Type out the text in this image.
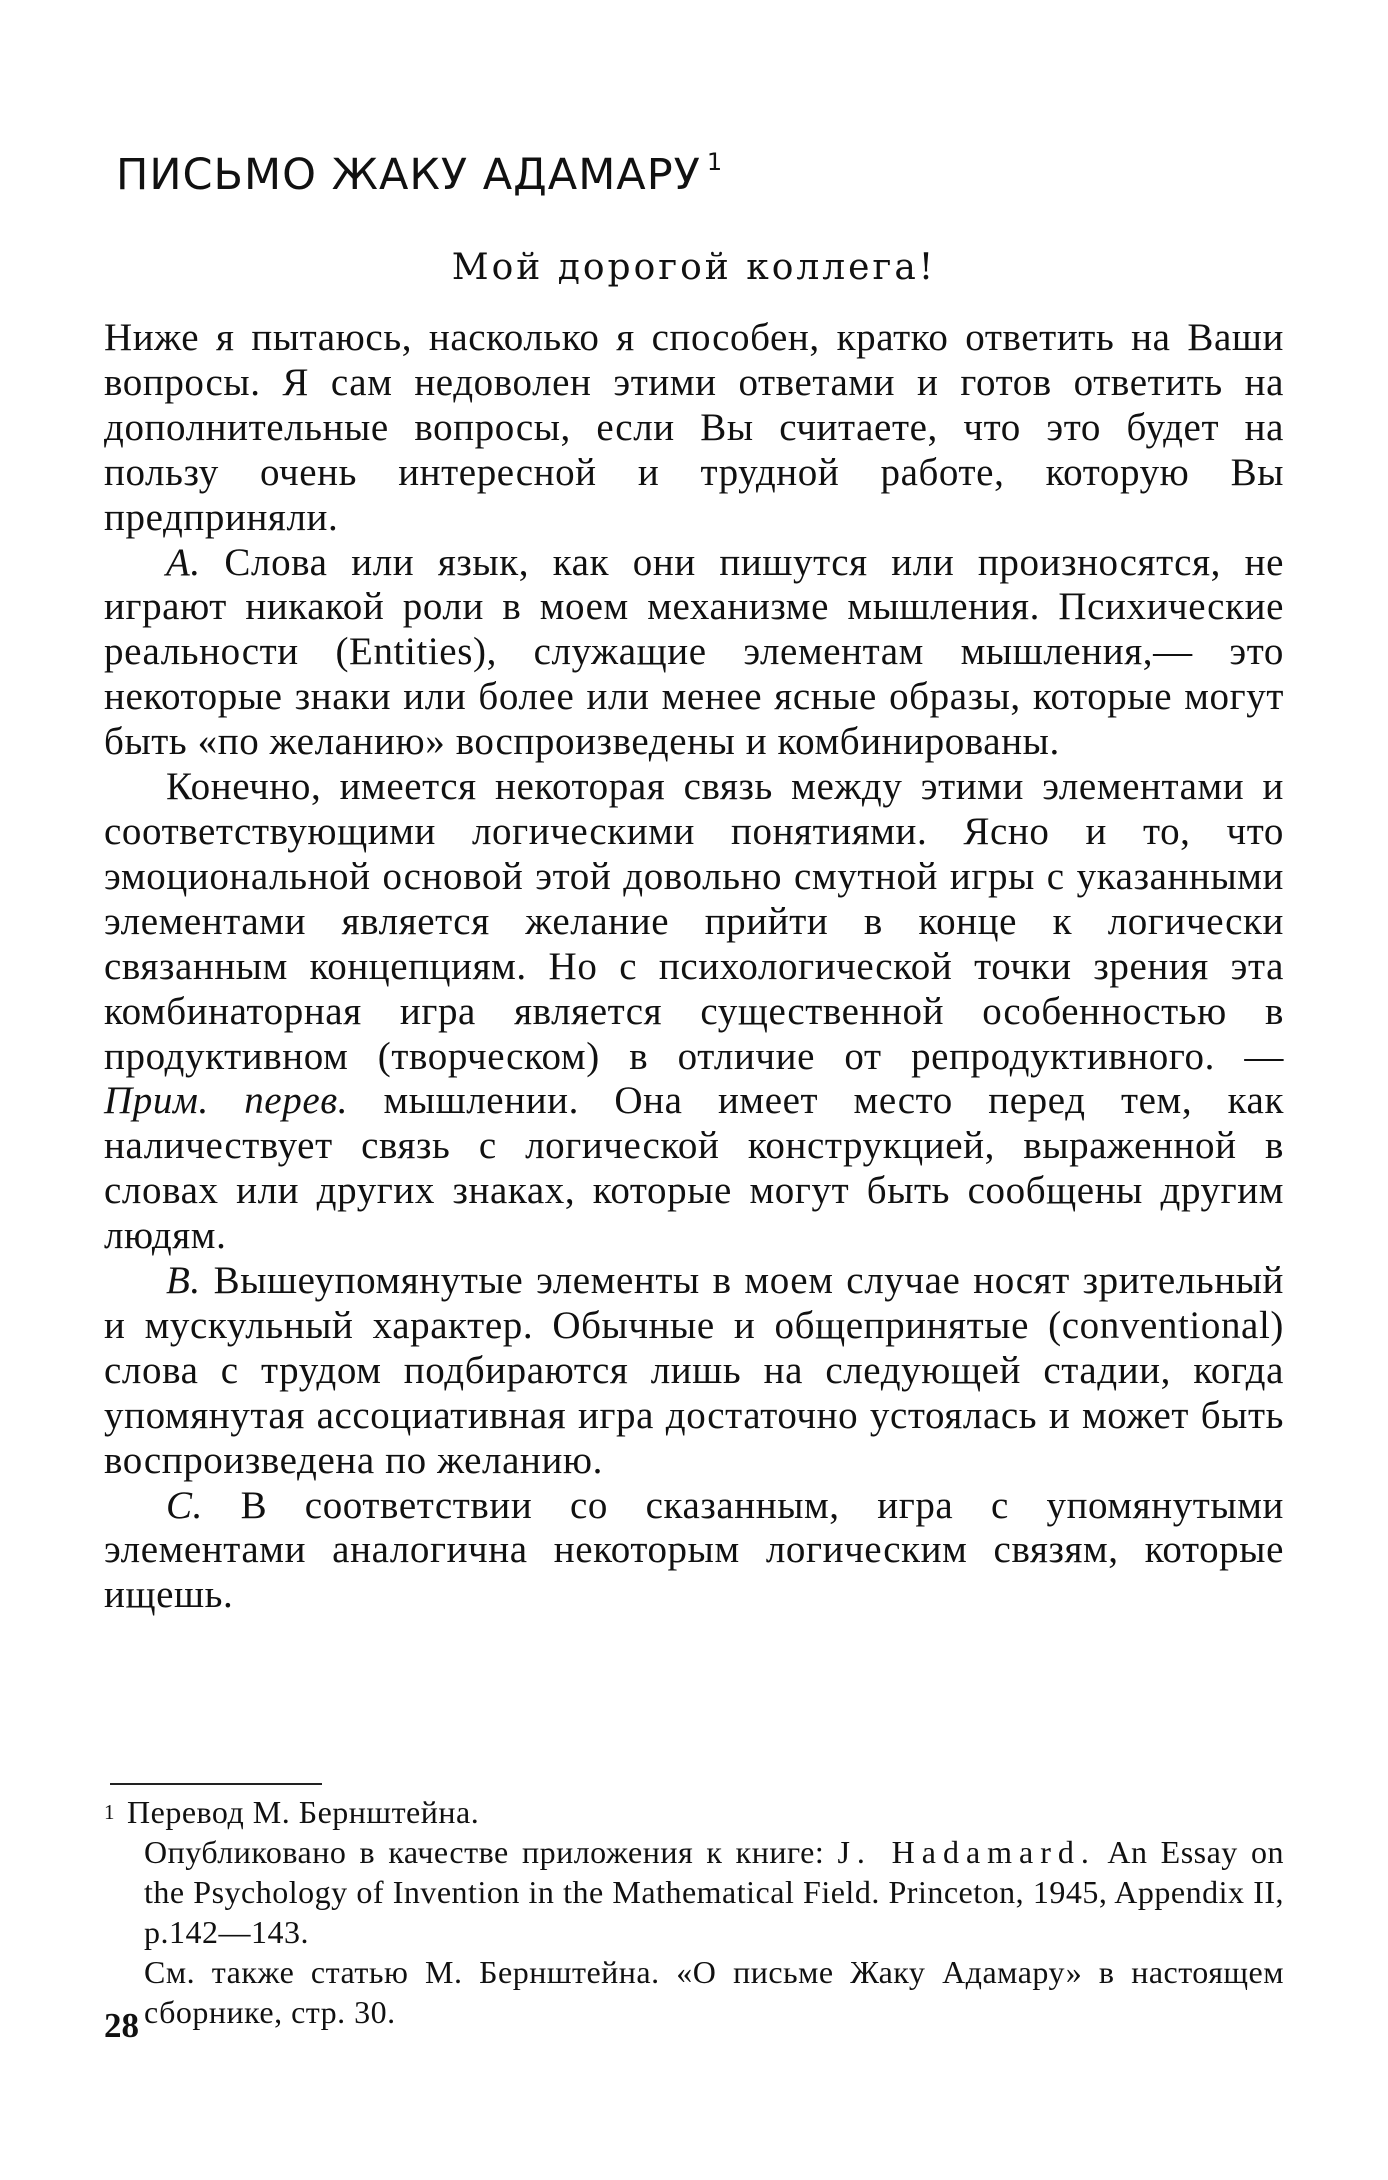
ПИСЬМО ЖАКУ АДАМАРУ $^1$

Мой дорогой коллега!

Ниже я пытаюсь, насколько я способен, кратко ответить на Ваши вопросы. Я сам недоволен этими ответами и готов ответить на дополнительные вопросы, если Вы считаете, что это будет на пользу очень интересной и трудной работе, которую Вы предприняли.

А. Слова или язык, как они пишутся или произносятся, не играют никакой роли в моем механизме мышления. Психические реальности (Entities), служащие элементам мышления,— это некоторые знаки или более или менее ясные образы, которые могут быть «по желанию» воспроизведены и комбинированы.

Конечно, имеется некоторая связь между этими элементами и соответствующими логическими понятиями. Ясно и то, что эмоциональной основой этой довольно смутной игры с указанными элементами является желание прийти в конце к логически связанным концепциям. Но с психологической точки зрения эта комбинаторная игра является существенной особенностью в продуктивном (творческом) в отличие от репродуктивного. — Прим. перев. мышлении. Она имеет место перед тем, как наличествует связь с логической конструкцией, выраженной в словах или других знаках, которые могут быть сообщены другим людям.

В. Вышеупомянутые элементы в моем случае носят зрительный и мускульный характер. Обычные и общепринятые (conventional) слова с трудом подбираются лишь на следующей стадии, когда упомянутая ассоциативная игра достаточно устоялась и может быть воспроизведена по желанию.

С. В соответствии со сказанным, игра с упомянутыми элементами аналогична некоторым логическим связям, которые ищешь.

$^1$ Перевод М. Бернштейна.

Опубликовано в качестве приложения к книге: J. Hadamard. An Essay on the Psychology of Invention in the Mathematical Field. Princeton, 1945, Appendix II, p.142—143.

См. также статью М. Бернштейна. «О письме Жаку Адамару» в настоящем сборнике, стр. 30.

28
